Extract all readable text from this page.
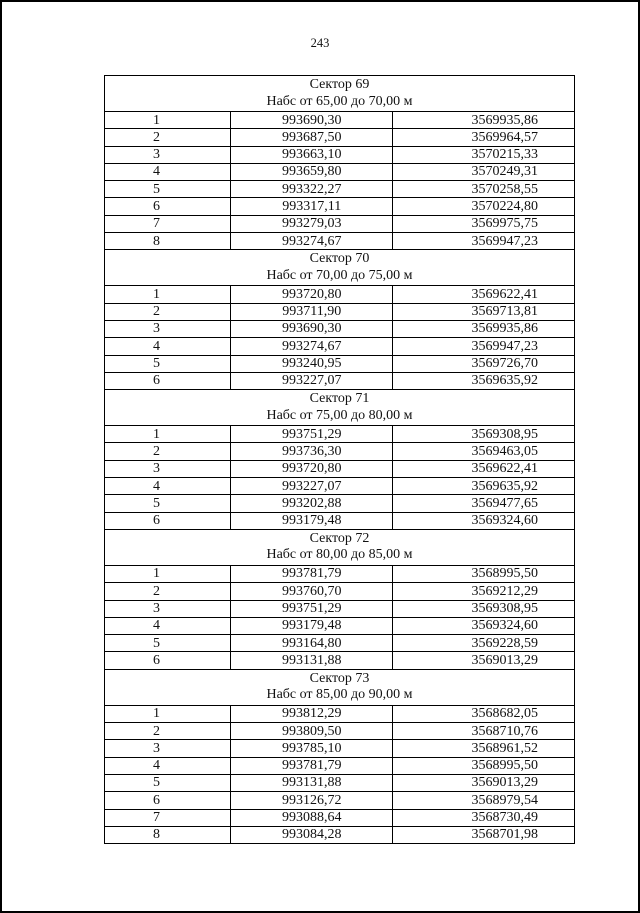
243
Сектор 69
Набс от 65,00 до 70,00 м		

1	993690,30	3569935,86
2	993687,50	3569964,57
3	993663,10	3570215,33
4	993659,80	3570249,31
5	993322,27	3570258,55
6	993317,11	3570224,80
7	993279,03	3569975,75
8	993274,67	3569947,23

Сектор 70
Набс от 70,00 до 75,00 м		

1	993720,80	3569622,41
2	993711,90	3569713,81
3	993690,30	3569935,86
4	993274,67	3569947,23
5	993240,95	3569726,70
6	993227,07	3569635,92

Сектор 71
Набс от 75,00 до 80,00 м		

1	993751,29	3569308,95
2	993736,30	3569463,05
3	993720,80	3569622,41
4	993227,07	3569635,92
5	993202,88	3569477,65
6	993179,48	3569324,60

Сектор 72
Набс от 80,00 до 85,00 м		

1	993781,79	3568995,50
2	993760,70	3569212,29
3	993751,29	3569308,95
4	993179,48	3569324,60
5	993164,80	3569228,59
6	993131,88	3569013,29

Сектор 73
Набс от 85,00 до 90,00 м		

1	993812,29	3568682,05
2	993809,50	3568710,76
3	993785,10	3568961,52
4	993781,79	3568995,50
5	993131,88	3569013,29
6	993126,72	3568979,54
7	993088,64	3568730,49
8	993084,28	3568701,98
